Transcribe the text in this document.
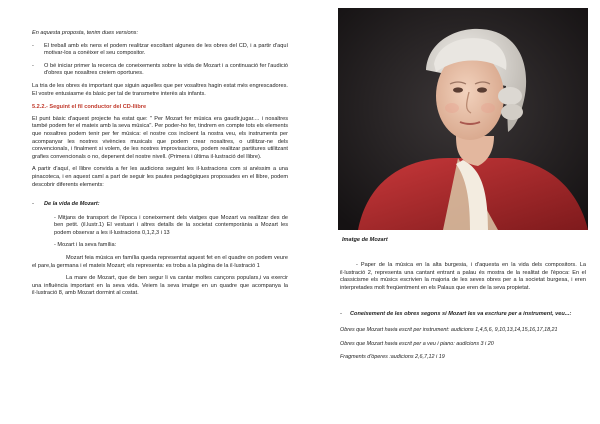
En aquesta proposta, tenim dues versions:

- El treball amb els nens el podem realitzar escoltant algunes de les obres del CD, i a partir d'aquí motivar-los a conèixer el seu compositor.

- O bé iniciar primer la recerca de coneixements sobre la vida de Mozart i a continuació fer l'audició d'obres que nosaltres creiem oportunes.

La tria de les obres és important que siguin aquelles que per vosaltres hagin estat més engrescadores. El vostre entusiasme és bàsic per tal de transmetre interès als infants.

5.2.2.- Seguint el fil conductor del CD-llibre

El punt bàsic d'aquest projecte ha estat que: " Per Mozart fer música era gaudir,jugar.... i nosaltres també podem fer el mateix amb la seva música". Per poder-ho fer, tindrem en compte tots els elements que nosaltres podem tenir per fer música: el nostre cos incloent la nostra veu, els instruments per acompanyar les nostres vivències musicals que podem crear nosaltres, o utilitzar-ne dels convencionals, i finalment si volem, de les nostres improvisacions, podem realitzar partitures utilitzant grafies convencionals o no, depenent del nostre nivell. (Primera i última il·lustració del llibre).

A partir d'aquí, el llibre convida a fer les audicions seguint les il·lustracions com si anéssim a una pinacoteca, i en aquest camí a part de seguir les pautes pedagògiques proposades en el llibre, podem descobrir diferents elements:

- De la vida de Mozart:

- Mitjans de transport de l'època i coneixement dels viatges que Mozart va realitzar des de ben petit. (il.lustr.1) El vestuari i altres detalls de la societat contemporània a Mozart les podem observar a les il·lustracions 0,1,2,3 i 13

- Mozart i la seva família:

Mozart feia música en família queda representat aquest fet en el quadre on podem veure el pare,la germana i el mateix Mozart; els representa: es troba a la pàgina de la il·lustració 1

La mare de Mozart, que de ben segur li va cantar moltes cançons populars,i va exercir una influència important en la seva vida. Veiem la seva imatge en un quadre que acompanya la il·lustració 8, amb Mozart dormint al costat.

Imatge de Mozart

- Paper de la música en la alta burgesia, i d'aquesta en la vida dels compositors. La il·lustració 2, representa una cantant entrant a palau és mostra de la realitat de l'època: En el classicisme els músics escrivien la majoria de les seves obres per a la societat burgesa, i eren interpretades molt freqüentment en els Palaus que eren de la seva propietat.

- Coneixement de les obres segons si Mozart les va escriure per a instrument, veu...:

Obres que Mozart havia escrit per instrument: audicions 1,4,5,6, 9,10,13,14,15,16,17,18,21

Obres que Mozart havia escrit per a veu i piano: audicions 3 i 20

Fragments d'òperes :audicions 2,6,7,12 i 19
